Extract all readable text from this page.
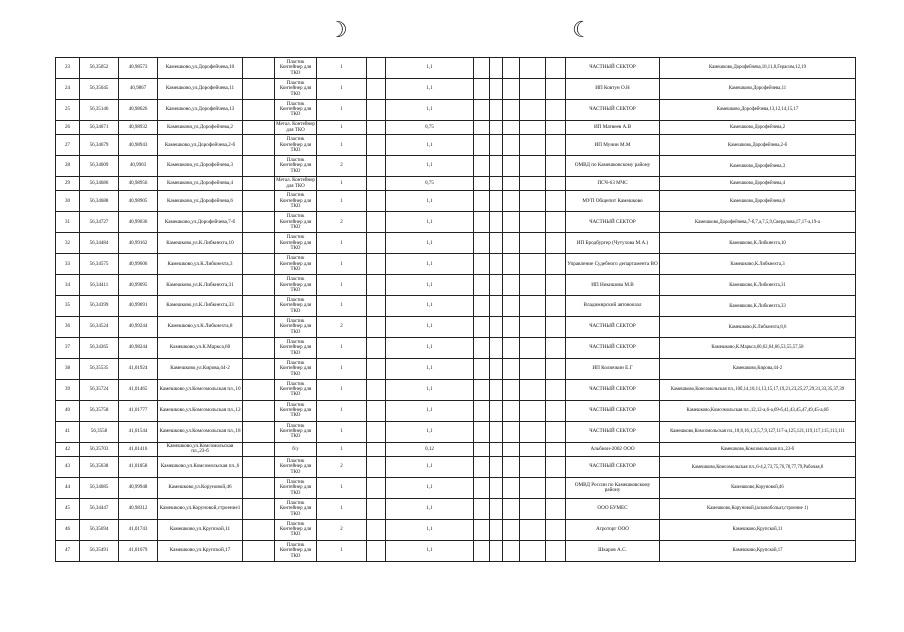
☽	☾
23	56,35052	40,98573	Камешково,ул.Дорофейчева,10		Пластик Контейнер для ТКО	1		1,1						ЧАСТНЫЙ СЕКТОР	Камешково,Дорофейчева,10,11,8,Герасим,12,19
24	56,35045	40,9867	Камешково,ул.Дорофейчева,11		Пластик Контейнер для ТКО	1		1,1						ИП Ковтун О.Н	Камешково,Дорофейчева,11
25	56,35146	40,98626	Камешково,ул.Дорофейчева,13		Пластик Контейнер для ТКО	1		1,1						ЧАСТНЫЙ СЕКТОР	Камешково,Дорофейчева,13,12,14,15,17
26	56,34671	40,98932	Камешково,ул.Дорофейчева,2		Метал. Контейнер для ТКО	1		0,75						ИП Матвеев А.В	Камешково,Дорофейчева,2
27	56,34679	40,98943	Камешково,ул.Дорофейчева,2-б		Пластик Контейнер для ТКО	1		1,1						ИП Мунин М.М	Камешково,Дорофейчева,2-б
28	56,34609	40,9903	Камешково,ул.Дорофейчева,3		Пластик Контейнер для ТКО	2		1,1						ОМВД по Камешковскому району	Камешково,Дорофейчева,3
29	56,34686	40,98956	Камешково,ул.Дорофейчева,4		Метал. Контейнер для ТКО	1		0,75						ПСЧ-63 МЧС	Камешково,Дорофейчева,4
30	56,34688	40,98905	Камешково,ул.Дорофейчева,6		Пластик Контейнер для ТКО	1		1,1						МУП Общепит Камешково	Камешково,Дорофейчева,6
31	56,34727	40,99036	Камешково,ул.Дорофейчева,7-б		Пластик Контейнер для ТКО	2		1,1						ЧАСТНЫЙ СЕКТОР	Камешково,Дорофейчева,7-б,7,а,7,5,9,Свердлова,17,17-а,19-а
32	56,34484	40,99162	Камешково,ул.К.Либкнехта,10		Пластик Контейнер для ТКО	1		1,1						ИП Бродбургер (Чутухова М.А.)	Камешково,К.Либкнехта,10
33	56,34575	40,99606	Камешково,ул.К.Либкнехта,3		Пластик Контейнер для ТКО	1		1,1						Управление Судебного департамента ВО	Камешково,К.Либкнехта,3
34	56,34411	40,99095	Камешково,ул.К.Либкнехта,31		Пластик Контейнер для ТКО	1		1,1						ИП Никишова М.В	Камешково,К.Либкнехта,31
35	56,34399	40,99091	Камешково,ул.К.Либкнехта,33		Пластик Контейнер для ТКО	1		1,1						Владимирский автовокзал	Камешково,К.Либкнехта,33
36	56,34524	40,99244	Камешково,ул.К.Либкнехта,8		Пластик Контейнер для ТКО	2		1,1						ЧАСТНЫЙ СЕКТОР	Камешково,К.Либкнехта,8,6
37	56,34365	40,98244	Камешково,ул.К.Маркса,60		Пластик Контейнер для ТКО	1		1,1						ЧАСТНЫЙ СЕКТОР	Камешково,К.Маркса,60,62,64,66,53,55,57,58
38	56,35535	41,01924	Камешково,ул.Кирова,44-2		Пластик Контейнер для ТКО	1		1,1						ИП Колючкин Е.Г	Камешково,Кирова,44-2
39	56,35724	41,01465	Камешково,ул.Комсомольская пл.,10		Пластик Контейнер для ТКО	1		1,1						ЧАСТНЫЙ СЕКТОР	Камешково,Комсомольская пл.,10б,14,10,11,13,15,17,19,21,23,25,27,29,31,33,35,37,39
40	56,35758	41,01777	Камешково,ул.Комсомольская пл.,12		Пластик Контейнер для ТКО	1		1,1						ЧАСТНЫЙ СЕКТОР	Камешково,Комсомольская пл.,12,12-а,6-а,69-б,41,43,45,47,49,45-а,6б
41	56,3558	41,01544	Камешково,ул.Комсомольская пл.,18		Пластик Контейнер для ТКО	1		1,1						ЧАСТНЫЙ СЕКТОР	Камешково,Комсомольская пл.,18,8,16,1,3,5,7,9,127,117-а,125,121,119,117,115,113,111
42	56,35703	41,01416	Камешково,ул.Комсомольская пл.,23-б		б/у	1		0,12						Альбион-2002 ООО	Камешково,Комсомольская пл.,23-б
43	56,35638	41,01858	Камешково,ул.Комсомольская пл.,6		Пластик Контейнер для ТКО	2		1,1						ЧАСТНЫЙ СЕКТОР	Камешково,Комсомольская пл.,6-4,2,73,75,76,78,77,79,Рабочая,8
44	56,34085	40,99948	Камешково,ул.Коруновой,46		Пластик Контейнер для ТКО	1		1,1						ОМВД России по Камешковскому району	Камешково,Коруновой,46
45	56,34447	40,98312	Камешково,ул.Коруновой,строение1		Пластик Контейнер для ТКО	1		1,1						ООО БУМЕС	Камешково,Коруновой,(асковобольат,строение 1)
46	56,35694	41,01743	Камешково,ул.Крупской,11		Пластик Контейнер для ТКО	2		1,1						Агроторг ООО	Камешково,Крупской,11
47	56,35491	41,01679	Камешково,ул.Крупской,17		Пластик Контейнер для ТКО	1		1,1						Шкаров А.С.	Камешково,Крупской,17
